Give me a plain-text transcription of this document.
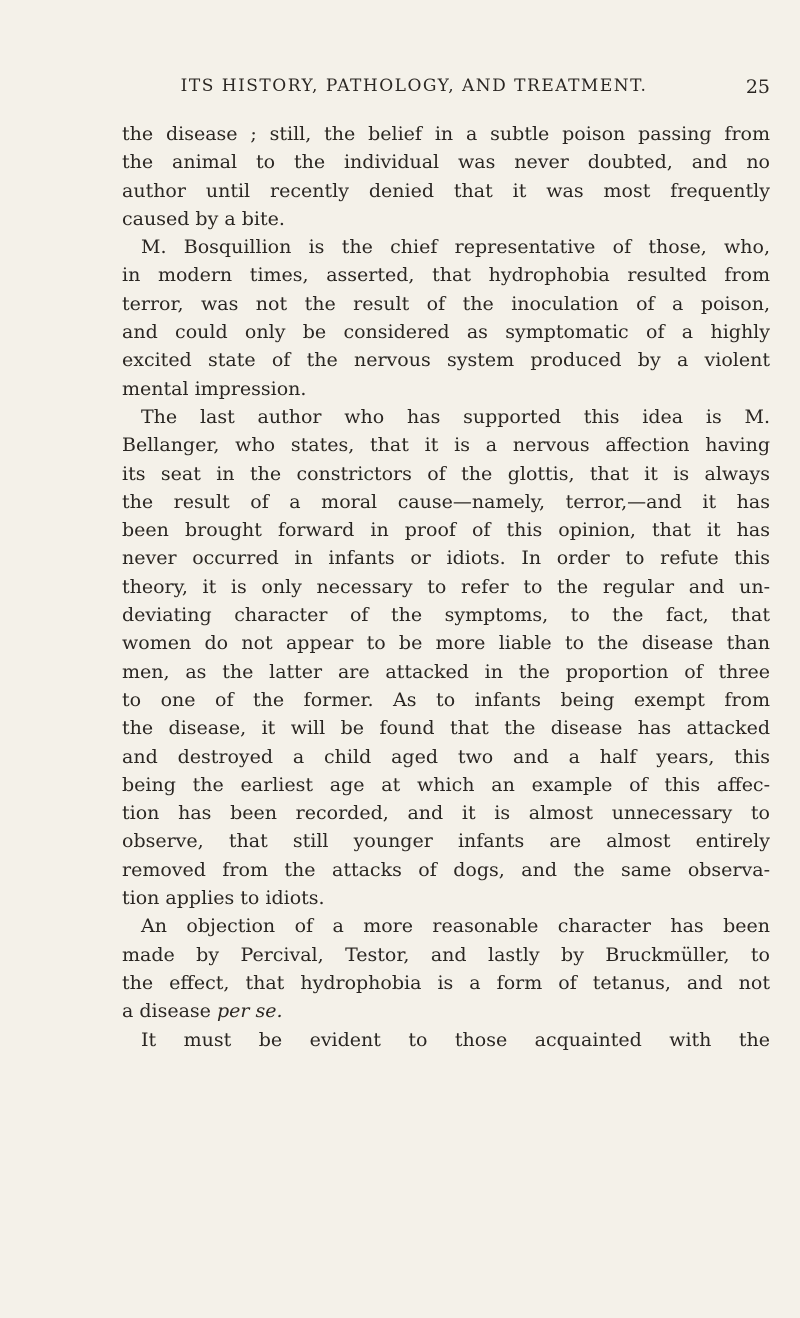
ITS HISTORY, PATHOLOGY, AND TREATMENT.	25
the disease ; still, the belief in a subtle poison passing from
the animal to the individual was never doubted, and no
author until recently denied that it was most frequently
caused by a bite.
M. Bosquillion is the chief representative of those, who,
in modern times, asserted, that hydrophobia resulted from
terror, was not the result of the inoculation of a poison,
and could only be considered as symptomatic of a highly
excited state of the nervous system produced by a violent
mental impression.
The last author who has supported this idea is M.
Bellanger, who states, that it is a nervous affection having
its seat in the constrictors of the glottis, that it is always
the result of a moral cause—namely, terror,—and it has
been brought forward in proof of this opinion, that it has
never occurred in infants or idiots. In order to refute this
theory, it is only necessary to refer to the regular and un-
deviating character of the symptoms, to the fact, that
women do not appear to be more liable to the disease than
men, as the latter are attacked in the proportion of three
to one of the former. As to infants being exempt from
the disease, it will be found that the disease has attacked
and destroyed a child aged two and a half years, this
being the earliest age at which an example of this affec-
tion has been recorded, and it is almost unnecessary to
observe, that still younger infants are almost entirely
removed from the attacks of dogs, and the same observa-
tion applies to idiots.
An objection of a more reasonable character has been
made by Percival, Testor, and lastly by Bruckmüller, to
the effect, that hydrophobia is a form of tetanus, and not
a disease per se.
It must be evident to those acquainted with the
